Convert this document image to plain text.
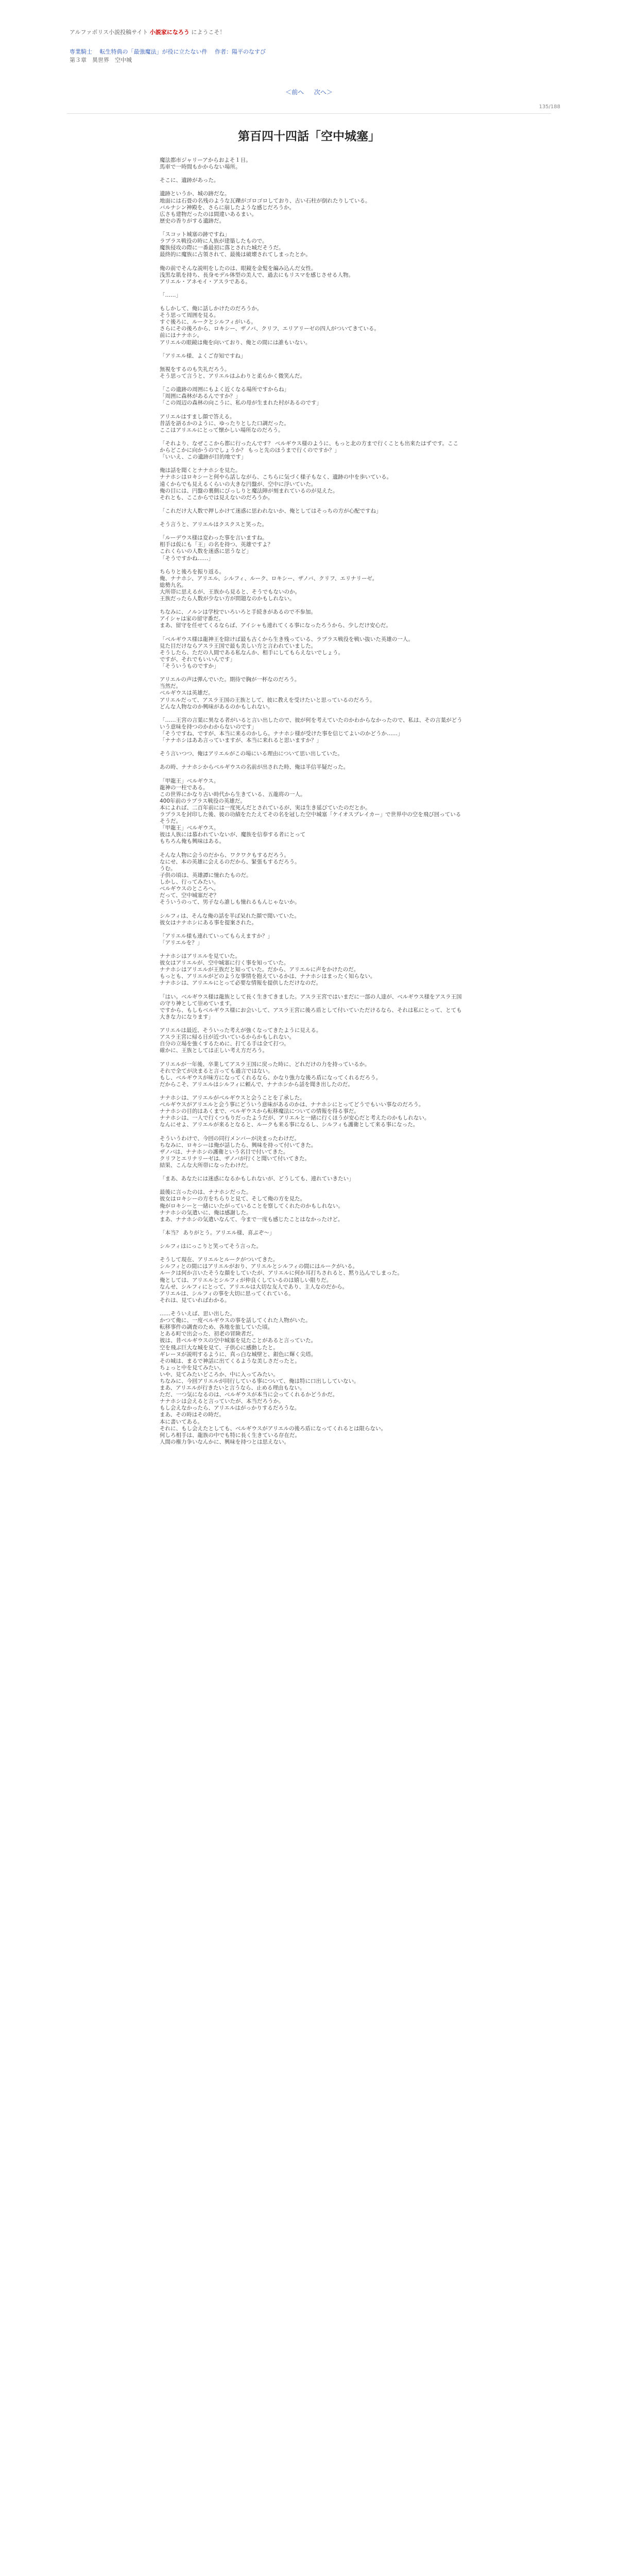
アルファポリス小説投稿サイト 小説家になろう にようこそ！
専業騎士　 転生特典の「最強魔法」が役に立たない件　 作者：陽平のなすび
第３章　異世界　空中城
＜前へ 次へ＞
135/188
第百四十四話「空中城塞」
魔法都市ジャリーアからおよそ１日。
馬車で一時間もかからない場所。
そこに、遺跡があった。
遺跡というか、城の跡だな。
地面には石畳の名残のような瓦礫がゴロゴロしており、古い石柱が倒れたりしている。
バルナシン神殿を、さらに崩したような感じだろうか。
広さも建物だったのは間違いあるまい。
歴史の香りがする遺跡だ。
「スコット城塞の跡ですね」
ラプラス戦役の時に人族が建築したもので。
魔族侵攻の際に一番最初に落とされた城だそうだ。
最終的に魔族に占領されて、最後は破壊されてしまったとか。
俺の前でそんな説明をしたのは、眼鏡を金髪を編み込んだ女性。
浅黒な肌を持ち、長身モデル体型の美人で、過去にもリスマを感じさせる人物。
アリエル・アネモイ・アスラである。
「……」
もしかして、俺に話しかけたのだろうか。
そう思って周囲を見る。
すぐ後ろに、ルークとシルフィがいる。
さらにその後ろから、ロキシー、ザノバ、クリフ、エリアリーゼの四人がついてきている。
前にはナナホシ。
アリエルの眼鏡は俺を向いており、俺との間には誰もいない。
「アリエル様、よくご存知ですね」
無視をするのも失礼だろう。
そう思って言うと、アリエルはふわりと柔らかく微笑んだ。
「この遺跡の周囲にもよく近くなる場所ですからね」
「周囲に森林があるんですか？」
「この周辺の森林の向こうに、私の母が生まれた村があるのです」
アリエルはすまし顔で答える。
昔話を語るかのように、ゆったりとした口調だった。
ここはアリエルにとって懐かしい場所なのだろう。
「それより、なぜここから都に行ったんです？ ベルギウス様のように、もっと北の方まで行くことも出来たはずです。ここからどこかに向かうのでしょうか？ もっと先のほうまで行くのですか？」
「いいえ、この遺跡が目的地です」
俺は話を聞くとナナホシを見た。
ナナホシはロキシーと何やら話しながら、こちらに気づく様子もなく、遺跡の中を歩いている。
遠くからでも見えるくらいの大きな円盤が、空中に浮いていた。
俺の目には、円盤の裏側にびっしりと魔法陣が刻まれているのが見えた。
それとも、ここからでは見えないのだろうか。
「これだけ大人数で押しかけて迷惑に思われないか、俺としてはそっちの方が心配ですね」
そう言うと、アリエルはクスクスと笑った。
「ルーデウス様は変わった事を言いますね。
相手は仮にも「王」の名を持つ、英雄ですよ？
これくらいの人数を迷惑に思うなど」
「そうですかね……」
ちらりと後ろを振り返る。
俺、ナナホシ、アリエル、シルフィ、ルーク、ロキシー、ザノバ、クリフ、エリナリーゼ。
総勢九名。
大所帯に思えるが、王族から見ると、そうでもないのか。
王族だったら人数が少ない方が問題なのかもしれない。
ちなみに、ノルンは学校でいろいろと手続きがあるので不参加。
アイシャは家の留守番だ。
まあ、留守を任せてくるならば、アイシャも連れてくる事になったろうから、少しだけ安心だ。
「ベルギウス様は龍神王を除けば最も古くから生き残っている、ラプラス戦役を戦い抜いた英雄の一人。
見た目だけならアスラ王国で最も美しい方と言われていました。
そうしたら、ただの人間である私なんか、相手にしてもらえないでしょう。
ですが、それでもいいんです」
「そういうものですか」
アリエルの声は弾んでいた。期待で胸が一杯なのだろう。
当然だ。
ベルギウスは英雄だ。
アリエルだって、アスラ王国の王族として、彼に教えを受けたいと思っているのだろう。
どんな人物なのか興味があるのかもしれない。
「……王宮の言葉に異なる者がいると言い出したので、彼が何を考えていたのかわからなかったので、私は、その言葉がどういう意味を持つのかわからないのです」
「そうですね、ですが、本当に来るのかしら。ナナホシ様が受けた事を信じてよいのかどうか……」
「ナナホシはああ言っていますが、本当に来れると思いますか？」
そう言いつつ、俺はアリエルがこの場にいる理由について思い出していた。
あの時、ナナホシからベルギウスの名前が出された時、俺は半信半疑だった。
「甲龍王」ベルギウス。
龍神の一柱である。
この世界にかなり古い時代から生きている、五龍将の一人。
400年前のラプラス戦役の英雄だ。
本によれば、二百年前には一度死んだとされているが、実は生き延びていたのだとか。
ラプラスを封印した後、彼の功績をたたえてその名を冠した空中城塞「ケイオスブレイカー」で世界中の空を飛び回っているそうだ。
「甲龍王」ベルギウス。
彼は人族には慕われていないが、魔族を信奉する者にとって
もちろん俺も興味はある。
そんな人物に会うのだから、ワクワクもするだろう。
なにせ、本の英雄に会えるのだから、緊張もするだろう。
うむ。
子供の頃は、英雄譚に憧れたものだ。
しかし、行ってみたい。
ベルギウスのところへ。
だって、空中城塞だぞ？
そういうのって、男子なら誰しも憧れるもんじゃないか。
シルフィは、そんな俺の話を半ば呆れた顔で聞いていた。
彼女はナナホシにある事を提案された。
「アリエル様も連れていってもらえますか？」
「アリエルを？」
ナナホシはアリエルを見ていた。
彼女はアリエルが、空中城塞に行く事を知っていた。
ナナホシはアリエルが王族だと知っていた。だから、アリエルに声をかけたのだ。
もっとも、アリエルがどのような事情を抱えているかは、ナナホシはまったく知らない。
ナナホシは、アリエルにとって必要な情報を提供しただけなのだ。
「はい。ベルギウス様は龍族として長く生きてきました。アスラ王宮ではいまだに一部の人達が、ベルギウス様をアスラ王国の守り神として崇めています。
ですから、もしもベルギウス様にお会いして、アスラ王宮に後ろ盾として付いていただけるなら、それは私にとって、とても大きな力になります」
アリエルは最近、そういった考えが強くなってきたように見える。
アスラ王宮に帰る日が近づいているからかもしれない。
自分の立場を強くするために、打てる手は全て打つ。
確かに、王族としては正しい考え方だろう。
アリエルが一年後、卒業してアスラ王国に戻った時に、どれだけの力を持っているか。
それで全てが決まると言っても過言ではない。
もし、ベルギウスが味方になってくれるなら、かなり強力な後ろ盾になってくれるだろう。
だからこそ、アリエルはシルフィに頼んで、ナナホシから話を聞き出したのだ。
ナナホシは、アリエルがベルギウスと会うことを了承した。
ベルギウスがアリエルと会う事にどういう意味があるのかは、ナナホシにとってどうでもいい事なのだろう。
ナナホシの目的はあくまで、ベルギウスから転移魔法についての情報を得る事だ。
ナナホシは、一人で行くつもりだったようだが、アリエルと一緒に行くほうが安心だと考えたのかもしれない。
なんにせよ、アリエルが来るとなると、ルークも来る事になるし、シルフィも護衛として来る事になった。
そういうわけで、今回の同行メンバーが決まったわけだ。
ちなみに、ロキシーは俺が話したら、興味を持って付いてきた。
ザノバは、ナナホシの護衛という名目で付いてきた。
クリフとエリナリーゼは、ザノバが行くと聞いて付いてきた。
結果、こんな大所帯になったわけだ。
「まあ、あなたには迷惑になるかもしれないが、どうしても、連れていきたい」
最後に言ったのは、ナナホシだった。
彼女はロキシーの方をちらりと見て、そして俺の方を見た。
俺がロキシーと一緒にいたがっていることを察してくれたのかもしれない。
ナナホシの気遣いに、俺は感謝した。
まあ、ナナホシの気遣いなんて、今まで一度も感じたことはなかったけど。
「本当？ ありがとう。アリエル様、喜ぶぞ～」
シルフィはにっこりと笑ってそう言った。
そうして現在、アリエルとルークがついてきた。
シルフィとの間にはアリエルがおり、アリエルとシルフィの間にはルークがいる。
ルークは何か言いたそうな顔をしていたが、アリエルに何か耳打ちされると、黙り込んでしまった。
俺としては、アリエルとシルフィが仲良くしているのは嬉しい限りだ。
なんせ、シルフィにとって、アリエルは大切な友人であり、主人なのだから。
アリエルは、シルフィの事を大切に思ってくれている。
それは、見ていればわかる。
……そういえば、思い出した。
かつて俺に、一度ベルギウスの事を話してくれた人物がいた。
転移事件の調査のため、各地を旅していた頃。
とある町で出会った、初老の冒険者だ。
彼は、昔ベルギウスの空中城塞を見たことがあると言っていた。
空を飛ぶ巨大な城を見て、子供心に感動したと。
ギレーヌが説明するように、真っ白な城壁と、銀色に輝く尖塔。
その城は、まるで神話に出てくるような美しさだったと。
ちょっと中を見てみたい。
いや、見てみたいどころか、中に入ってみたい。
ちなみに、今回アリエルが同行している事について、俺は特に口出ししていない。
まあ、アリエルが行きたいと言うなら、止める理由もない。
ただ、一つ気になるのは、ベルギウスが本当に会ってくれるかどうかだ。
ナナホシは会えると言っていたが、本当だろうか。
もし会えなかったら、アリエルはがっかりするだろうな。
まあ、その時はその時だ。
本に書いてある。
それに、もし会えたとしても、ベルギウスがアリエルの後ろ盾になってくれるとは限らない。
何しろ相手は、龍族の中でも特に長く生きている存在だ。
人間の権力争いなんかに、興味を持つとは思えない。
